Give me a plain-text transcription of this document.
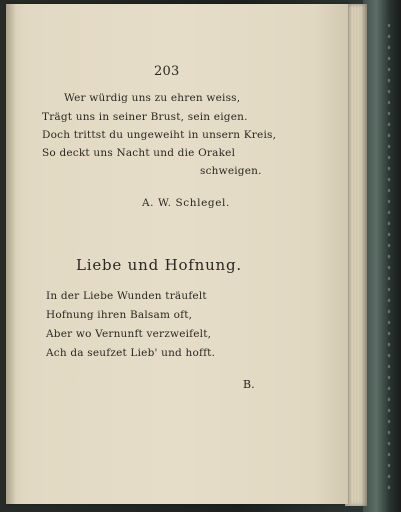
203
Wer würdig uns zu ehren weiss,
Trägt uns in seiner Brust, sein eigen.
Doch trittst du ungeweiht in unsern Kreis,
So deckt uns Nacht und die Orakel
schweigen.
A. W. Schlegel.
Liebe und Hofnung.
In der Liebe Wunden träufelt
Hofnung ihren Balsam oft,
Aber wo Vernunft verzweifelt,
Ach da seufzet Lieb' und hofft.
B.
